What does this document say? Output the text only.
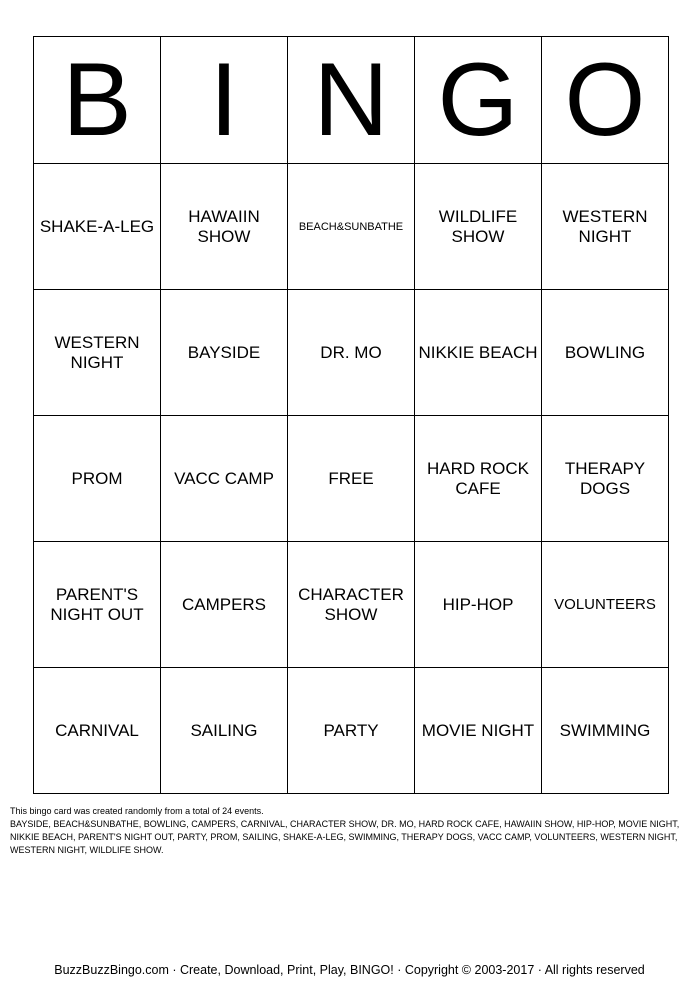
B	I	N	G	O
SHAKE-A-LEG	HAWAIIN SHOW	BEACH&SUNBATHE	WILDLIFE SHOW	WESTERN NIGHT
WESTERN NIGHT	BAYSIDE	DR. MO	NIKKIE BEACH	BOWLING
PROM	VACC CAMP	FREE	HARD ROCK CAFE	THERAPY DOGS
PARENT'S NIGHT OUT	CAMPERS	CHARACTER SHOW	HIP-HOP	VOLUNTEERS
CARNIVAL	SAILING	PARTY	MOVIE NIGHT	SWIMMING

This bingo card was created randomly from a total of 24 events.

BAYSIDE, BEACH&SUNBATHE, BOWLING, CAMPERS, CARNIVAL, CHARACTER SHOW, DR. MO, HARD ROCK CAFE, HAWAIIN SHOW, HIP-HOP, MOVIE NIGHT, NIKKIE BEACH, PARENT'S NIGHT OUT, PARTY, PROM, SAILING, SHAKE-A-LEG, SWIMMING, THERAPY DOGS, VACC CAMP, VOLUNTEERS, WESTERN NIGHT, WESTERN NIGHT, WILDLIFE SHOW.

BuzzBuzzBingo.com · Create, Download, Print, Play, BINGO! · Copyright © 2003-2017 · All rights reserved
